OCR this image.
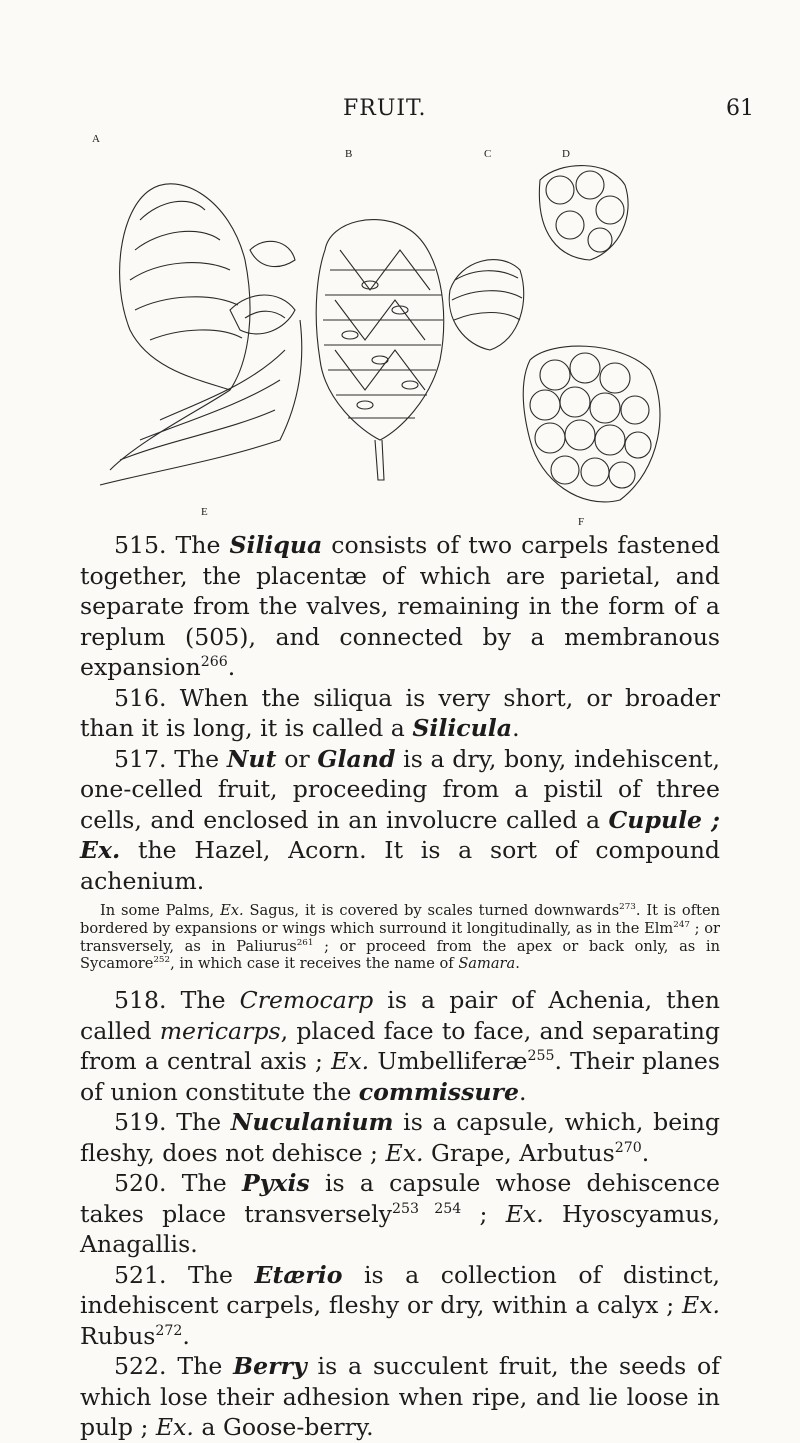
FRUIT.	61
A
B	C	D
E
F

515. The Siliqua consists of two carpels fastened together, the placentæ of which are parietal, and separate from the valves, remaining in the form of a replum (505), and connected by a membranous expansion$^{266}$.

516. When the siliqua is very short, or broader than it is long, it is called a Silicula.

517. The Nut or Gland is a dry, bony, indehiscent, one-celled fruit, proceeding from a pistil of three cells, and enclosed in an involucre called a Cupule ; Ex. the Hazel, Acorn. It is a sort of compound achenium.

In some Palms, Ex. Sagus, it is covered by scales turned downwards$^{273}$. It is often bordered by expansions or wings which surround it longitudinally, as in the Elm$^{247}$ ; or transversely, as in Paliurus$^{261}$ ; or proceed from the apex or back only, as in Sycamore$^{252}$, in which case it receives the name of Samara.

518. The Cremocarp is a pair of Achenia, then called mericarps, placed face to face, and separating from a central axis ; Ex. Umbelliferæ$^{255}$. Their planes of union constitute the commissure.

519. The Nuculanium is a capsule, which, being fleshy, does not dehisce ; Ex. Grape, Arbutus$^{270}$.

520. The Pyxis is a capsule whose dehiscence takes place transversely$^{253 254}$ ; Ex. Hyoscyamus, Anagallis.

521. The Etærio is a collection of distinct, indehiscent carpels, fleshy or dry, within a calyx ; Ex. Rubus$^{272}$.

522. The Berry is a succulent fruit, the seeds of which lose their adhesion when ripe, and lie loose in pulp ; Ex. a Goose-berry.
